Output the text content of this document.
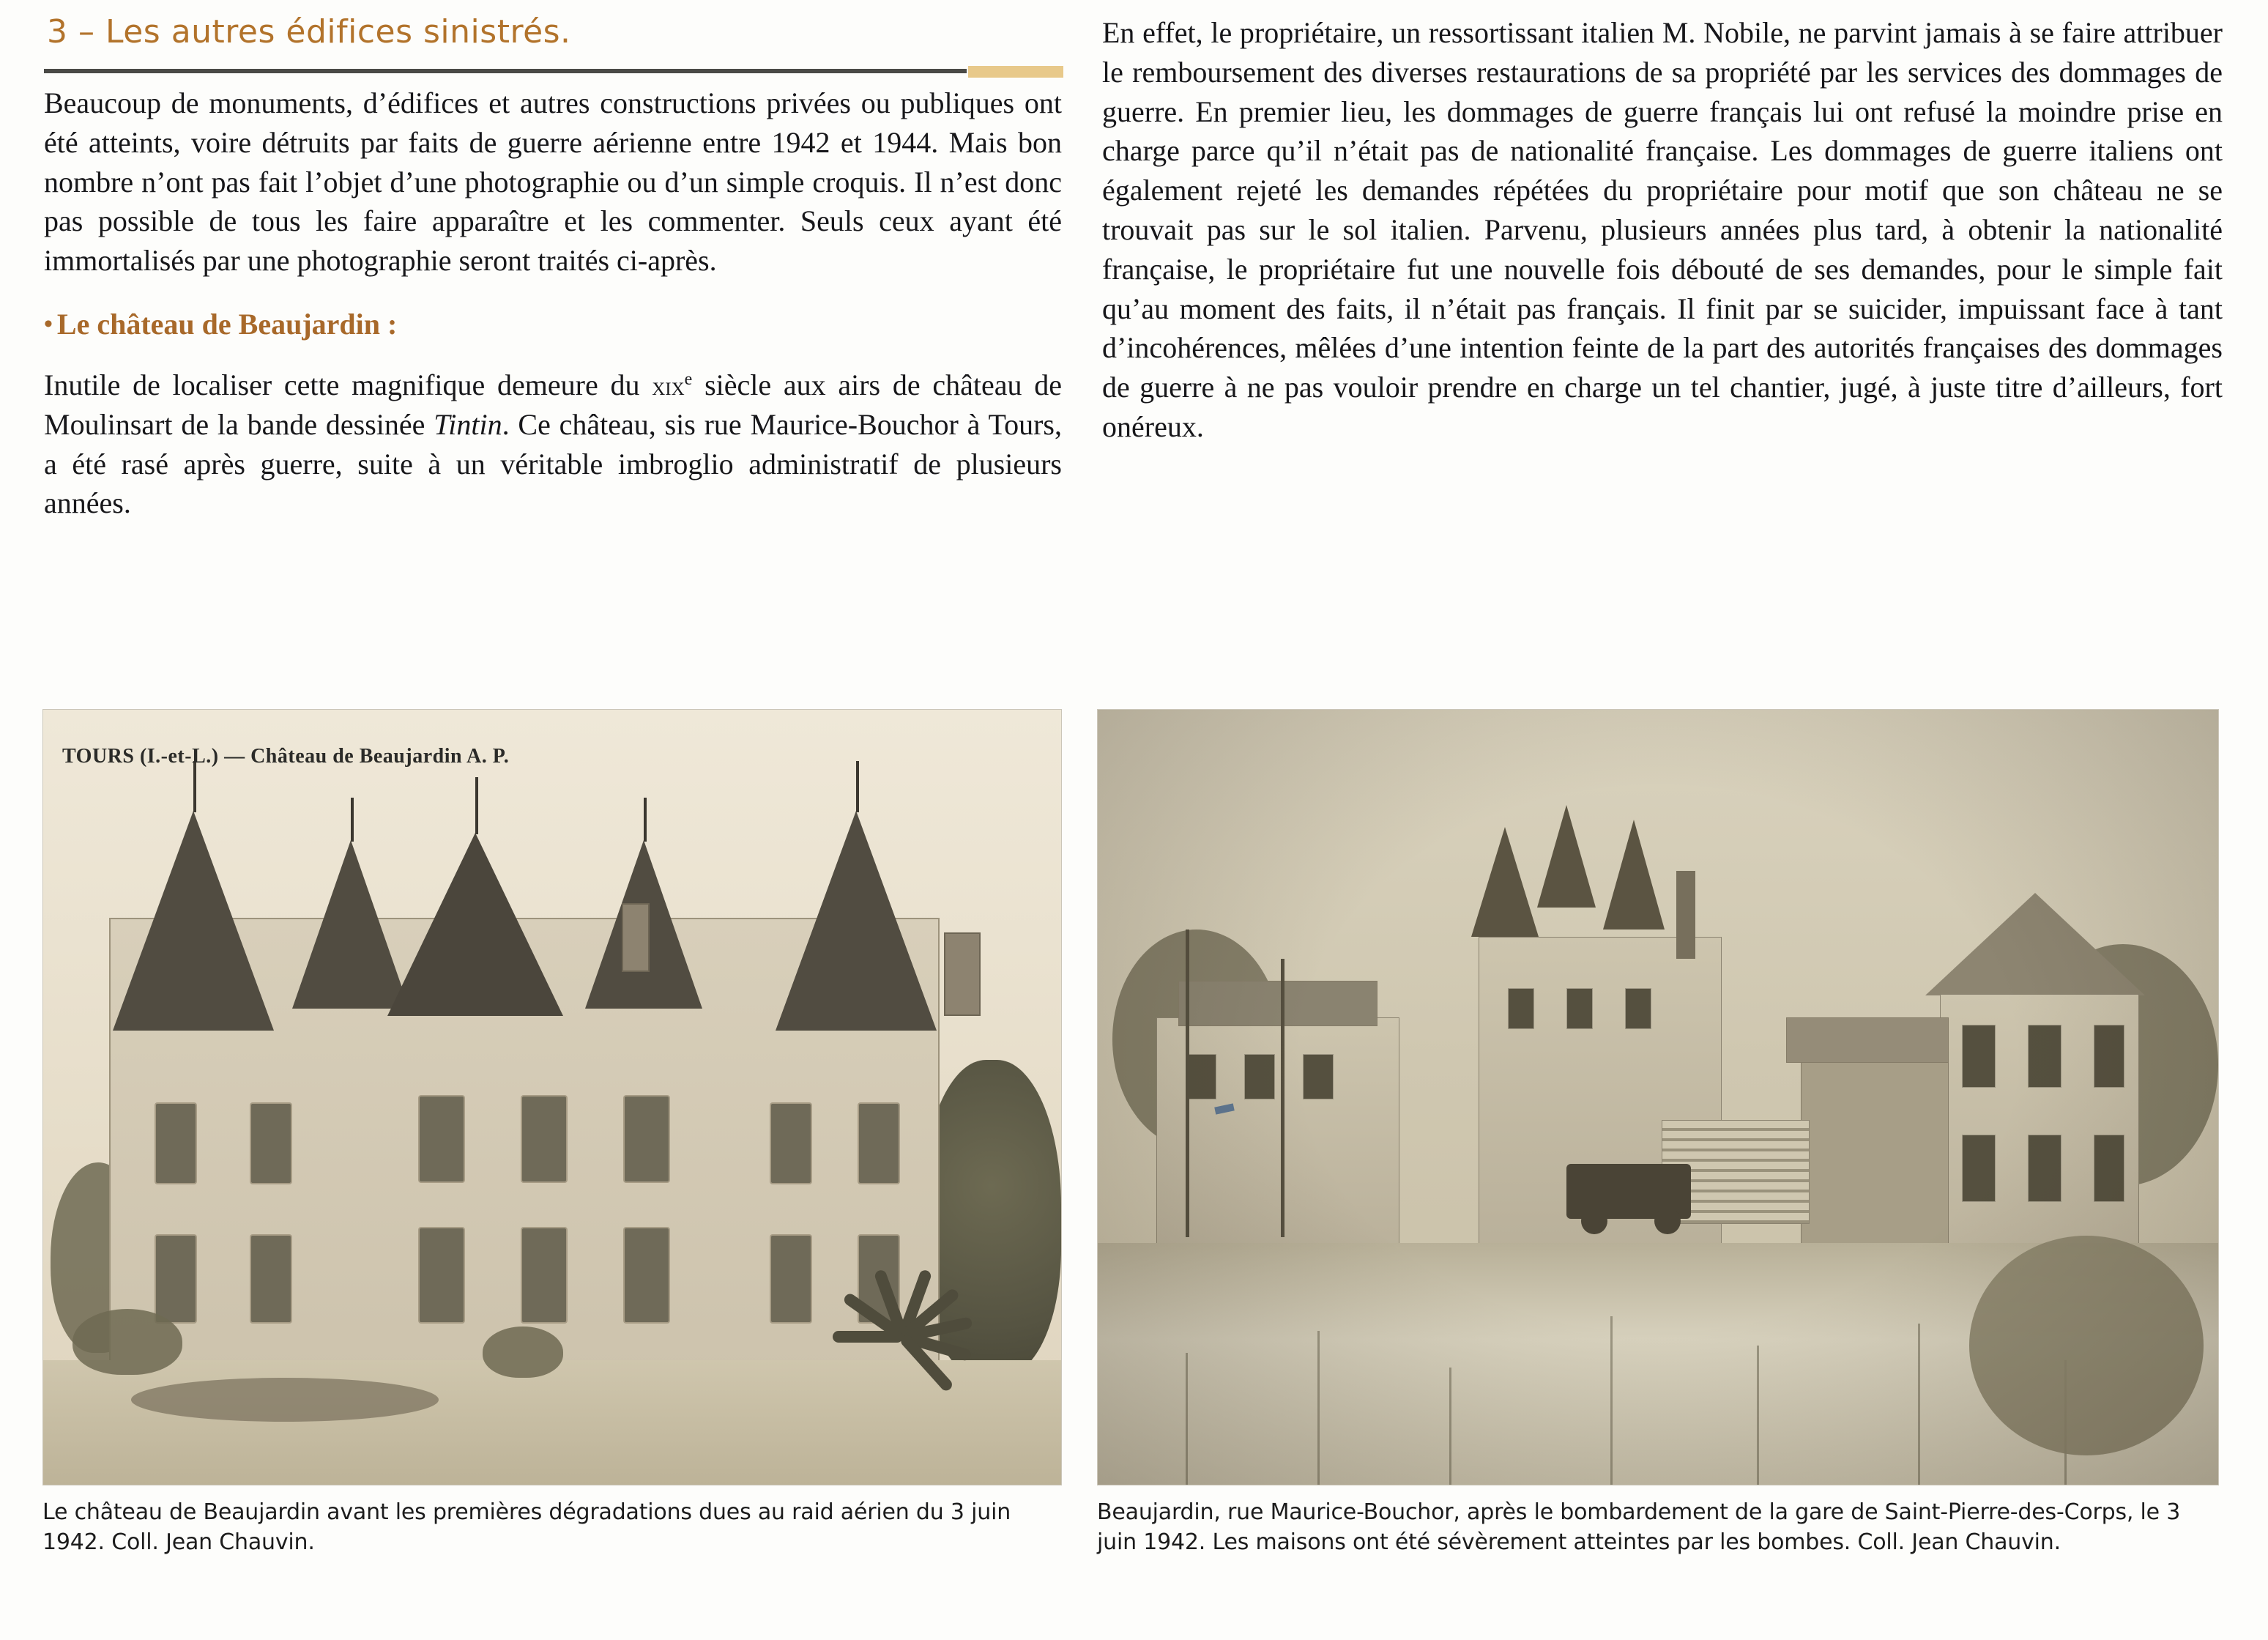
3 – Les autres édifices sinistrés.

Beaucoup de monuments, d’édifices et autres constructions privées ou publiques ont été atteints, voire détruits par faits de guerre aérienne entre 1942 et 1944. Mais bon nombre n’ont pas fait l’objet d’une photographie ou d’un simple croquis. Il n’est donc pas possible de tous les faire apparaître et les commenter. Seuls ceux ayant été immortalisés par une photographie seront traités ci-après.

• Le château de Beaujardin :

Inutile de localiser cette magnifique demeure du xix$^e$ siècle aux airs de château de Moulinsart de la bande dessinée Tintin. Ce château, sis rue Maurice-Bouchor à Tours, a été rasé après guerre, suite à un véritable imbroglio administratif de plusieurs années.

En effet, le propriétaire, un ressortissant italien M. Nobile, ne parvint jamais à se faire attribuer le remboursement des diverses restaurations de sa propriété par les services des dommages de guerre. En premier lieu, les dommages de guerre français lui ont refusé la moindre prise en charge parce qu’il n’était pas de nationalité française. Les dommages de guerre italiens ont également rejeté les demandes répétées du propriétaire pour motif que son château ne se trouvait pas sur le sol italien. Parvenu, plusieurs années plus tard, à obtenir la nationalité française, le propriétaire fut une nouvelle fois débouté de ses demandes, pour le simple fait qu’au moment des faits, il n’était pas français. Il finit par se suicider, impuissant face à tant d’incohérences, mêlées d’une intention feinte de la part des autorités françaises des dommages de guerre à ne pas vouloir prendre en charge un tel chantier, jugé, à juste titre d’ailleurs, fort onéreux.

TOURS (I.-et-L.) — Château de Beaujardin A. P.
Le château de Beaujardin avant les premières dégradations dues au raid aérien du 3 juin 1942. Coll. Jean Chauvin.
Beaujardin, rue Maurice-Bouchor, après le bombardement de la gare de Saint-Pierre-des-Corps, le 3 juin 1942. Les maisons ont été sévèrement atteintes par les bombes. Coll. Jean Chauvin.
